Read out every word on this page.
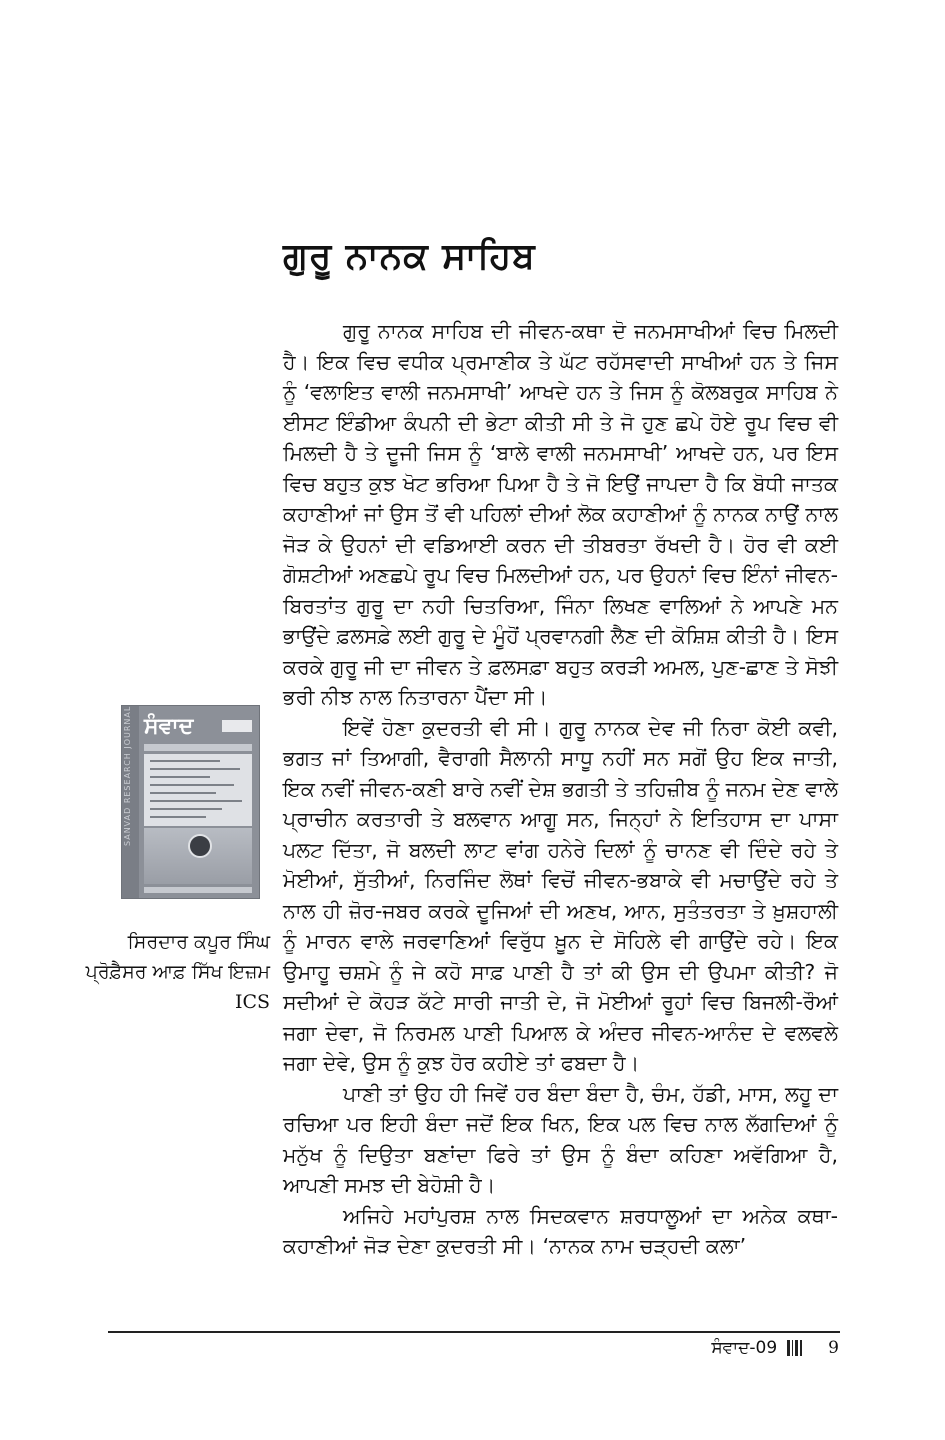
ਗੁਰੂ ਨਾਨਕ ਸਾਹਿਬ

ਗੁਰੂ ਨਾਨਕ ਸਾਹਿਬ ਦੀ ਜੀਵਨ-ਕਥਾ ਦੋ ਜਨਮਸਾਖੀਆਂ ਵਿਚ ਮਿਲਦੀ ਹੈ। ਇਕ ਵਿਚ ਵਧੀਕ ਪ੍ਰਮਾਣੀਕ ਤੇ ਘੱਟ ਰਹੱਸਵਾਦੀ ਸਾਖੀਆਂ ਹਨ ਤੇ ਜਿਸ ਨੂੰ ‘ਵਲਾਇਤ ਵਾਲੀ ਜਨਮਸਾਖੀ’ ਆਖਦੇ ਹਨ ਤੇ ਜਿਸ ਨੂੰ ਕੋਲਬਰੁਕ ਸਾਹਿਬ ਨੇ ਈਸਟ ਇੰਡੀਆ ਕੰਪਨੀ ਦੀ ਭੇਟਾ ਕੀਤੀ ਸੀ ਤੇ ਜੋ ਹੁਣ ਛਪੇ ਹੋਏ ਰੂਪ ਵਿਚ ਵੀ ਮਿਲਦੀ ਹੈ ਤੇ ਦੂਜੀ ਜਿਸ ਨੂੰ ‘ਬਾਲੇ ਵਾਲੀ ਜਨਮਸਾਖੀ’ ਆਖਦੇ ਹਨ, ਪਰ ਇਸ ਵਿਚ ਬਹੁਤ ਕੁਝ ਖੋਟ ਭਰਿਆ ਪਿਆ ਹੈ ਤੇ ਜੋ ਇਉਂ ਜਾਪਦਾ ਹੈ ਕਿ ਬੋਧੀ ਜਾਤਕ ਕਹਾਣੀਆਂ ਜਾਂ ਉਸ ਤੋਂ ਵੀ ਪਹਿਲਾਂ ਦੀਆਂ ਲੋਕ ਕਹਾਣੀਆਂ ਨੂੰ ਨਾਨਕ ਨਾਉਂ ਨਾਲ ਜੋੜ ਕੇ ਉਹਨਾਂ ਦੀ ਵਡਿਆਈ ਕਰਨ ਦੀ ਤੀਬਰਤਾ ਰੱਖਦੀ ਹੈ। ਹੋਰ ਵੀ ਕਈ ਗੋਸ਼ਟੀਆਂ ਅਣਛਪੇ ਰੂਪ ਵਿਚ ਮਿਲਦੀਆਂ ਹਨ, ਪਰ ਉਹਨਾਂ ਵਿਚ ਇੰਨਾਂ ਜੀਵਨ-ਬਿਰਤਾਂਤ ਗੁਰੂ ਦਾ ਨਹੀ ਚਿਤਰਿਆ, ਜਿੰਨਾ ਲਿਖਣ ਵਾਲਿਆਂ ਨੇ ਆਪਣੇ ਮਨ ਭਾਉਂਦੇ ਫ਼ਲਸਫ਼ੇ ਲਈ ਗੁਰੂ ਦੇ ਮੂੰਹੋਂ ਪ੍ਰਵਾਨਗੀ ਲੈਣ ਦੀ ਕੋਸ਼ਿਸ਼ ਕੀਤੀ ਹੈ। ਇਸ ਕਰਕੇ ਗੁਰੂ ਜੀ ਦਾ ਜੀਵਨ ਤੇ ਫ਼ਲਸਫ਼ਾ ਬਹੁਤ ਕਰੜੀ ਅਮਲ, ਪੁਣ-ਛਾਣ ਤੇ ਸੋਝੀ ਭਰੀ ਨੀਝ ਨਾਲ ਨਿਤਾਰਨਾ ਪੈਂਦਾ ਸੀ।

ਇਵੇਂ ਹੋਣਾ ਕੁਦਰਤੀ ਵੀ ਸੀ। ਗੁਰੂ ਨਾਨਕ ਦੇਵ ਜੀ ਨਿਰਾ ਕੋਈ ਕਵੀ, ਭਗਤ ਜਾਂ ਤਿਆਗੀ, ਵੈਰਾਗੀ ਸੈਲਾਨੀ ਸਾਧੂ ਨਹੀਂ ਸਨ ਸਗੋਂ ਉਹ ਇਕ ਜਾਤੀ, ਇਕ ਨਵੀਂ ਜੀਵਨ-ਕਣੀ ਬਾਰੇ ਨਵੀਂ ਦੇਸ਼ ਭਗਤੀ ਤੇ ਤਹਿਜ਼ੀਬ ਨੂੰ ਜਨਮ ਦੇਣ ਵਾਲੇ ਪ੍ਰਾਚੀਨ ਕਰਤਾਰੀ ਤੇ ਬਲਵਾਨ ਆਗੂ ਸਨ, ਜਿਨ੍ਹਾਂ ਨੇ ਇਤਿਹਾਸ ਦਾ ਪਾਸਾ ਪਲਟ ਦਿੱਤਾ, ਜੋ ਬਲਦੀ ਲਾਟ ਵਾਂਗ ਹਨੇਰੇ ਦਿਲਾਂ ਨੂੰ ਚਾਨਣ ਵੀ ਦਿੰਦੇ ਰਹੇ ਤੇ ਮੋਈਆਂ, ਸੁੱਤੀਆਂ, ਨਿਰਜਿੰਦ ਲੋਥਾਂ ਵਿਚੋਂ ਜੀਵਨ-ਭਬਾਕੇ ਵੀ ਮਚਾਉਂਦੇ ਰਹੇ ਤੇ ਨਾਲ ਹੀ ਜ਼ੋਰ-ਜਬਰ ਕਰਕੇ ਦੂਜਿਆਂ ਦੀ ਅਣਖ, ਆਨ, ਸੁਤੰਤਰਤਾ ਤੇ ਖ਼ੁਸ਼ਹਾਲੀ ਨੂੰ ਮਾਰਨ ਵਾਲੇ ਜਰਵਾਣਿਆਂ ਵਿਰੁੱਧ ਖ਼ੂਨ ਦੇ ਸੋਹਿਲੇ ਵੀ ਗਾਉਂਦੇ ਰਹੇ। ਇਕ ਉਮਾਹੂ ਚਸ਼ਮੇ ਨੂੰ ਜੇ ਕਹੋ ਸਾਫ਼ ਪਾਣੀ ਹੈ ਤਾਂ ਕੀ ਉਸ ਦੀ ਉਪਮਾ ਕੀਤੀ? ਜੋ ਸਦੀਆਂ ਦੇ ਕੋਹੜ ਕੱਟੇ ਸਾਰੀ ਜਾਤੀ ਦੇ, ਜੋ ਮੋਈਆਂ ਰੂਹਾਂ ਵਿਚ ਬਿਜਲੀ-ਰੌਆਂ ਜਗਾ ਦੇਵਾ, ਜੋ ਨਿਰਮਲ ਪਾਣੀ ਪਿਆਲ ਕੇ ਅੰਦਰ ਜੀਵਨ-ਆਨੰਦ ਦੇ ਵਲਵਲੇ ਜਗਾ ਦੇਵੇ, ਉਸ ਨੂੰ ਕੁਝ ਹੋਰ ਕਹੀਏ ਤਾਂ ਫਬਦਾ ਹੈ।

ਪਾਣੀ ਤਾਂ ਉਹ ਹੀ ਜਿਵੇਂ ਹਰ ਬੰਦਾ ਬੰਦਾ ਹੈ, ਚੰਮ, ਹੱਡੀ, ਮਾਸ, ਲਹੂ ਦਾ ਰਚਿਆ ਪਰ ਇਹੀ ਬੰਦਾ ਜਦੋਂ ਇਕ ਖਿਨ, ਇਕ ਪਲ ਵਿਚ ਨਾਲ ਲੱਗਦਿਆਂ ਨੂੰ ਮਨੁੱਖ ਨੂੰ ਦਿਉਤਾ ਬਣਾਂਦਾ ਫਿਰੇ ਤਾਂ ਉਸ ਨੂੰ ਬੰਦਾ ਕਹਿਣਾ ਅਵੱਗਿਆ ਹੈ, ਆਪਣੀ ਸਮਝ ਦੀ ਬੇਹੋਸ਼ੀ ਹੈ।

ਅਜਿਹੇ ਮਹਾਂਪੁਰਸ਼ ਨਾਲ ਸਿਦਕਵਾਨ ਸ਼ਰਧਾਲੂਆਂ ਦਾ ਅਨੇਕ ਕਥਾ-ਕਹਾਣੀਆਂ ਜੋੜ ਦੇਣਾ ਕੁਦਰਤੀ ਸੀ। ‘ਨਾਨਕ ਨਾਮ ਚੜ੍ਹਦੀ ਕਲਾ’

SANVAD RESEARCH JOURNAL ਸੰਵਾਦ
ਸਿਰਦਾਰ ਕਪੂਰ ਸਿੰਘ
ਪ੍ਰੋਫ਼ੈਸਰ ਆਫ਼ ਸਿੱਖ ਇਜ਼ਮ
ICS
ਸੰਵਾਦ-09	9
